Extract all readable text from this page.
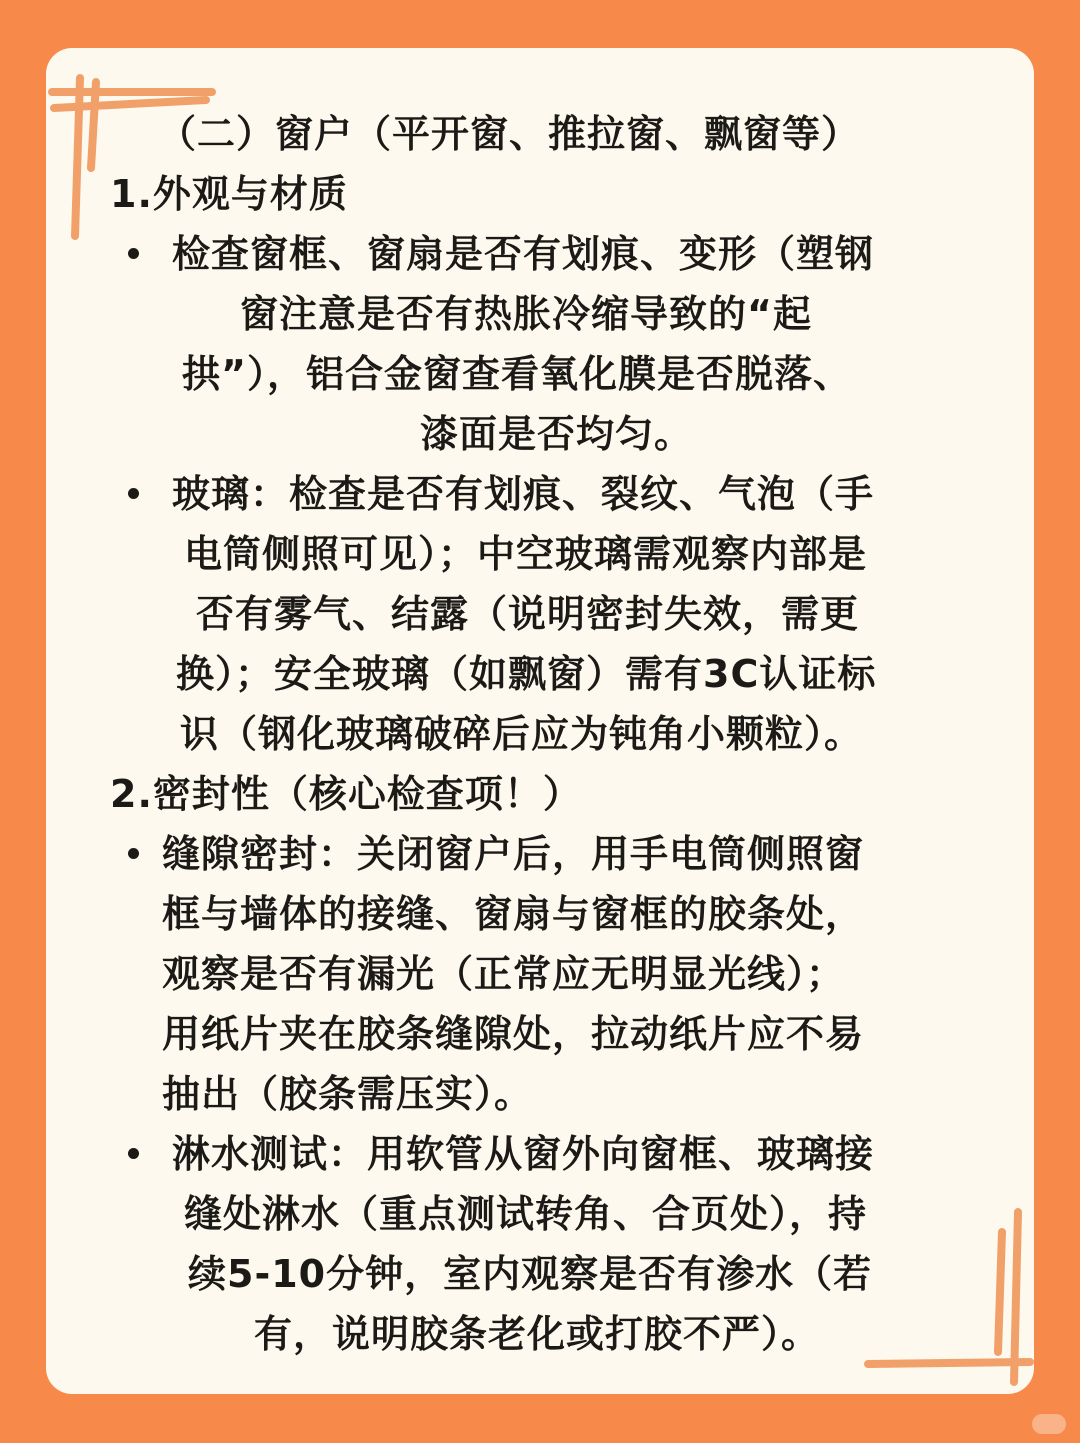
（二）窗户（平开窗、推拉窗、飘窗等）
1.外观与材质
检查窗框、窗扇是否有划痕、变形（塑钢
窗注意是否有热胀冷缩导致的“起
拱”），铝合金窗查看氧化膜是否脱落、
漆面是否均匀。
玻璃：检查是否有划痕、裂纹、气泡（手
电筒侧照可见）；中空玻璃需观察内部是
否有雾气、结露（说明密封失效，需更
换）；安全玻璃（如飘窗）需有3C认证标
识（钢化玻璃破碎后应为钝角小颗粒）。
2.密封性（核心检查项！）
缝隙密封：关闭窗户后，用手电筒侧照窗
框与墙体的接缝、窗扇与窗框的胶条处，
观察是否有漏光（正常应无明显光线）；
用纸片夹在胶条缝隙处，拉动纸片应不易
抽出（胶条需压实）。
淋水测试：用软管从窗外向窗框、玻璃接
缝处淋水（重点测试转角、合页处），持
续5-10分钟，室内观察是否有渗水（若
有，说明胶条老化或打胶不严）。
